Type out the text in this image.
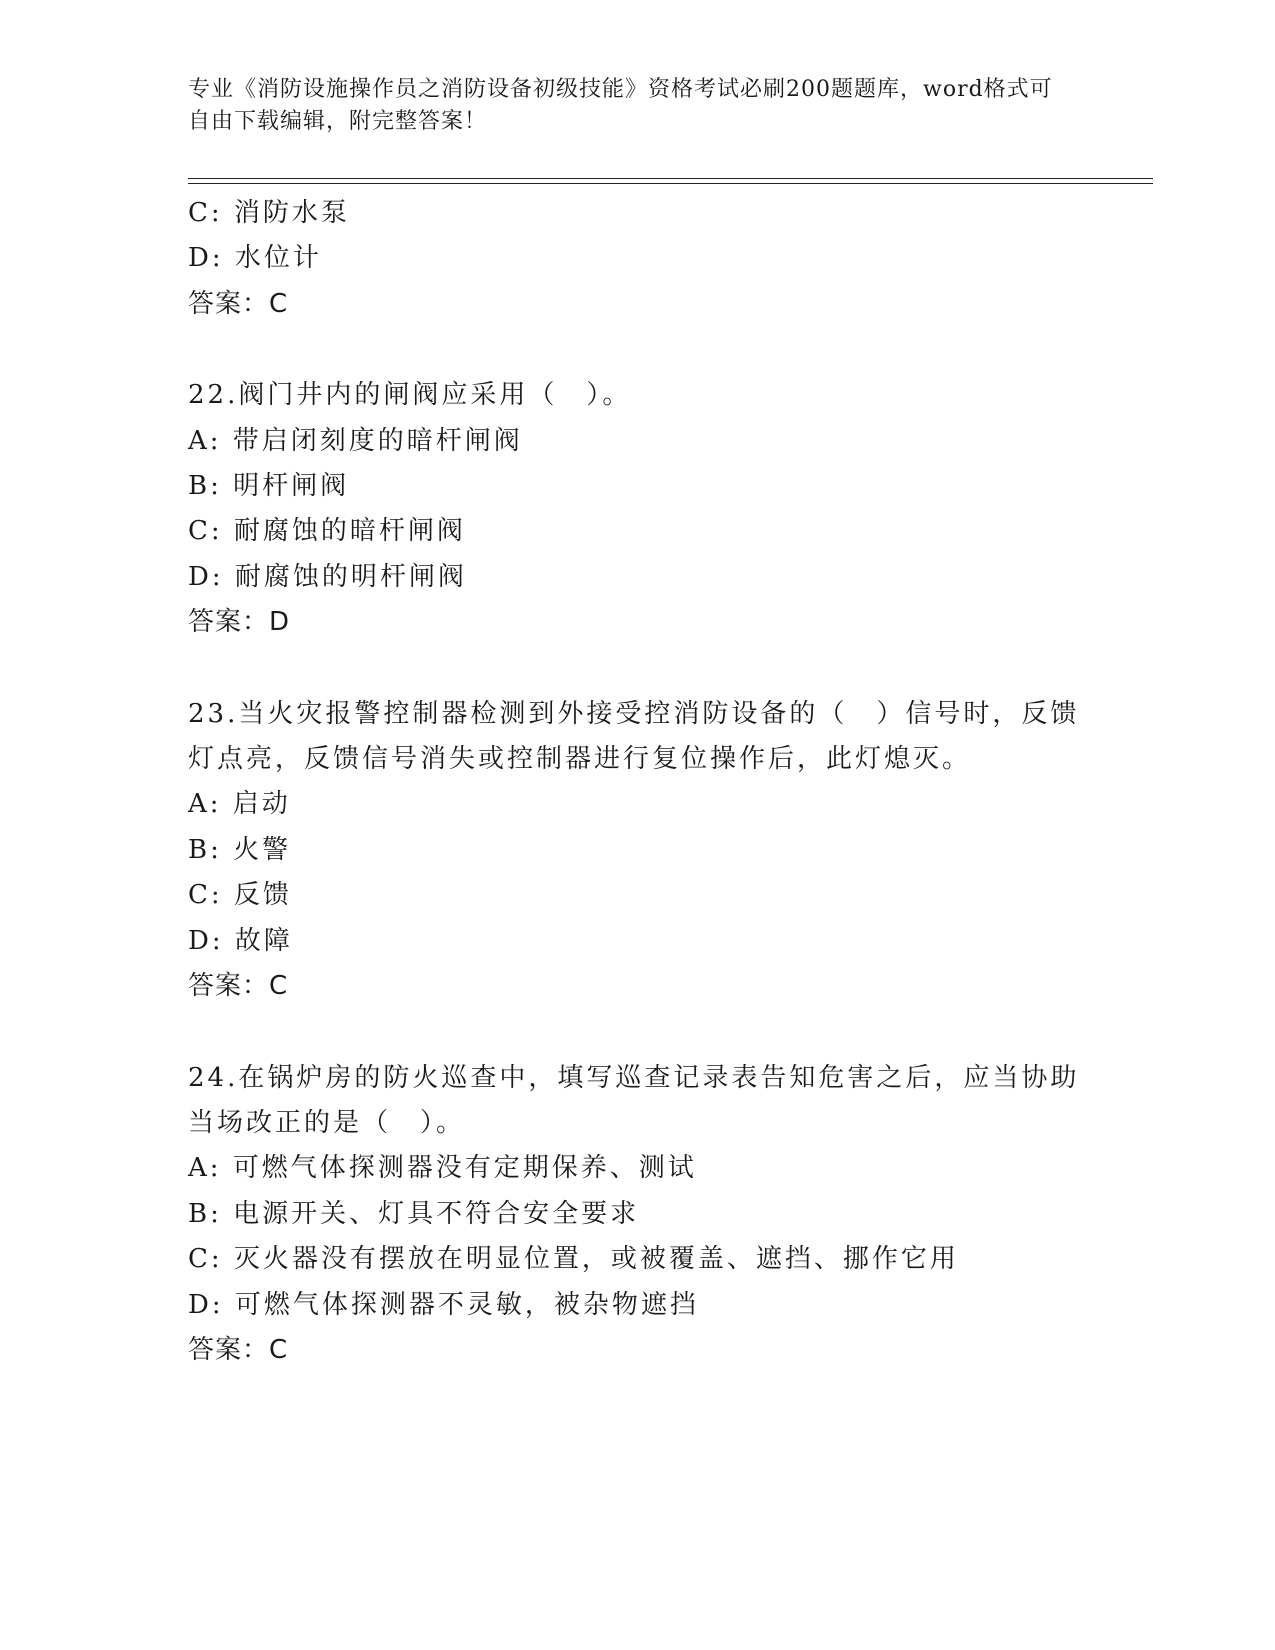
专业《消防设施操作员之消防设备初级技能》资格考试必刷200题题库，word格式可自由下载编辑，附完整答案！
C: 消防水泵
D: 水位计
答案：C
22.阀门井内的闸阀应采用（　）。
A: 带启闭刻度的暗杆闸阀
B: 明杆闸阀
C: 耐腐蚀的暗杆闸阀
D: 耐腐蚀的明杆闸阀
答案：D
23.当火灾报警控制器检测到外接受控消防设备的（　）信号时，反馈
灯点亮，反馈信号消失或控制器进行复位操作后，此灯熄灭。
A: 启动
B: 火警
C: 反馈
D: 故障
答案：C
24.在锅炉房的防火巡查中，填写巡查记录表告知危害之后，应当协助
当场改正的是（　）。
A: 可燃气体探测器没有定期保养、测试
B: 电源开关、灯具不符合安全要求
C: 灭火器没有摆放在明显位置，或被覆盖、遮挡、挪作它用
D: 可燃气体探测器不灵敏，被杂物遮挡
答案：C
